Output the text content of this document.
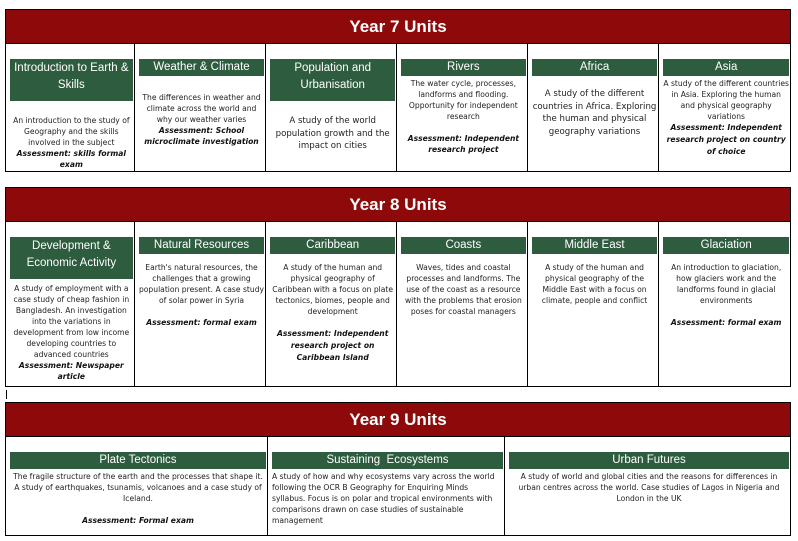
Year 7 Units
Introduction to Earth & Skills
An introduction to the study of Geography and the skills involved in the subject
Assessment: skills formal exam
Weather & Climate
The differences in weather and climate across the world and why our weather varies
Assessment: School microclimate investigation
Population and Urbanisation
A study of the world population growth and the impact on cities
Rivers
The water cycle, processes, landforms and flooding. Opportunity for independent research
Assessment: Independent research project
Africa
A study of the different countries in Africa. Exploring the human and physical geography variations
Asia
A study of the different countries in Asia. Exploring the human and physical geography variations
Assessment: Independent research project on country of choice
Year 8 Units
Development & Economic Activity
A study of employment with a case study of cheap fashion in Bangladesh. An investigation into the variations in development from low income developing countries to advanced countries
Assessment: Newspaper article
Natural Resources
Earth's natural resources, the challenges that a growing population present. A case study of solar power in Syria
Assessment: formal exam
Caribbean
A study of the human and physical geography of Caribbean with a focus on plate tectonics, biomes, people and development
Assessment: Independent research project on Caribbean Island
Coasts
Waves, tides and coastal processes and landforms. The use of the coast as a resource with the problems that erosion poses for coastal managers
Middle East
A study of the human and physical geography of the Middle East with a focus on climate, people and conflict
Glaciation
An introduction to glaciation, how glaciers work and the landforms found in glacial environments
Assessment: formal exam
Year 9 Units
Plate Tectonics
The fragile structure of the earth and the processes that shape it. A study of earthquakes, tsunamis, volcanoes and a case study of Iceland.
Assessment: Formal exam
Sustaining  Ecosystems
A study of how and why ecosystems vary across the world following the OCR B Geography for Enquiring Minds syllabus. Focus is on polar and tropical environments with comparisons drawn on case studies of sustainable management
Urban Futures
A study of world and global cities and the reasons for differences in urban centres across the world. Case studies of Lagos in Nigeria and London in the UK
